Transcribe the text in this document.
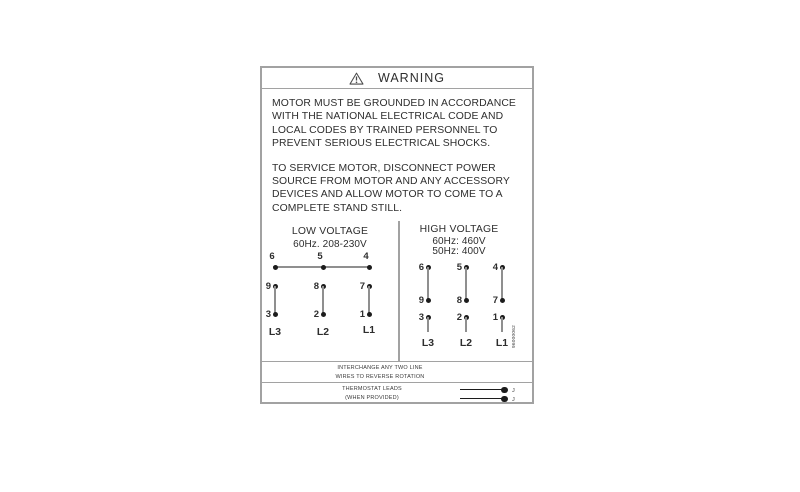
WARNING
MOTOR MUST BE GROUNDED IN ACCORDANCE
WITH THE NATIONAL ELECTRICAL CODE AND
LOCAL CODES BY TRAINED PERSONNEL TO
PREVENT SERIOUS ELECTRICAL SHOCKS.
TO SERVICE MOTOR, DISCONNECT POWER
SOURCE FROM MOTOR AND ANY ACCESSORY
DEVICES AND ALLOW MOTOR TO COME TO A
COMPLETE STAND STILL.
LOW VOLTAGE
60Hz. 208-230V
6	5	4
9	8	7
3	2	1
L3	L2	L1
HIGH VOLTAGE
60Hz: 460V
50Hz: 400V
6	5	4
9	8	7
3	2	1
L3	L2	L1 96000062
INTERCHANGE ANY TWO LINE
WIRES TO REVERSE ROTATION
THERMOSTAT LEADS
(WHEN PROVIDED)
J
J
